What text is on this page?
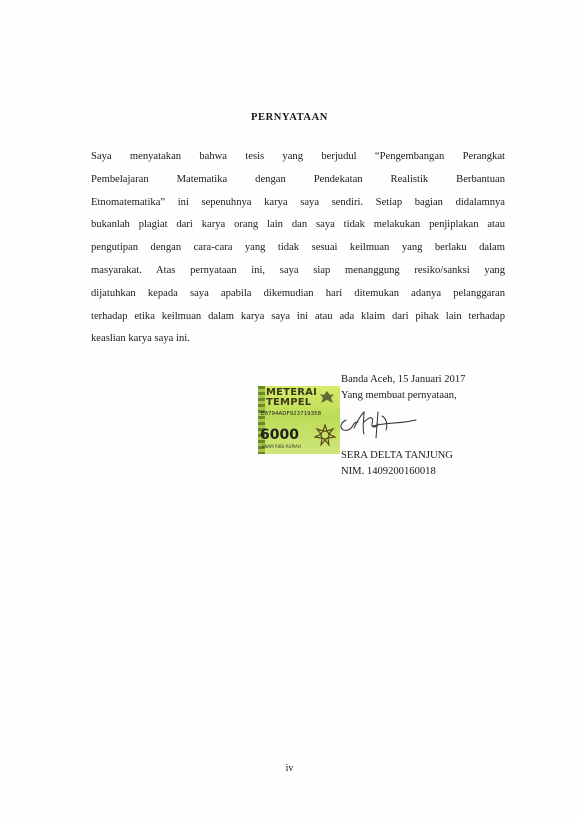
PERNYATAAN
Saya menyatakan bahwa tesis yang berjudul “Pengembangan Perangkat
Pembelajaran Matematika dengan Pendekatan Realistik Berbantuan
Etnomatematika” ini sepenuhnya karya saya sendiri. Setiap bagian didalamnya
bukanlah plagiat dari karya orang lain dan saya tidak melakukan penjiplakan atau
pengutipan dengan cara-cara yang tidak sesuai keilmuan yang berlaku dalam
masyarakat. Atas pernyataan ini, saya siap menanggung resiko/sanksi yang
dijatuhkan kepada saya apabila dikemudian hari ditemukan adanya pelanggaran
terhadap etika keilmuan dalam karya saya ini atau ada klaim dari pihak lain terhadap
keaslian karya saya ini.
Banda Aceh, 15 Januari 2017
Yang membuat pernyataan,
METERAI
TEMPEL
E8794ADF923719358
6000
ENAM RIBU RUPIAH
SERA DELTA TANJUNG
NIM. 1409200160018
iv
